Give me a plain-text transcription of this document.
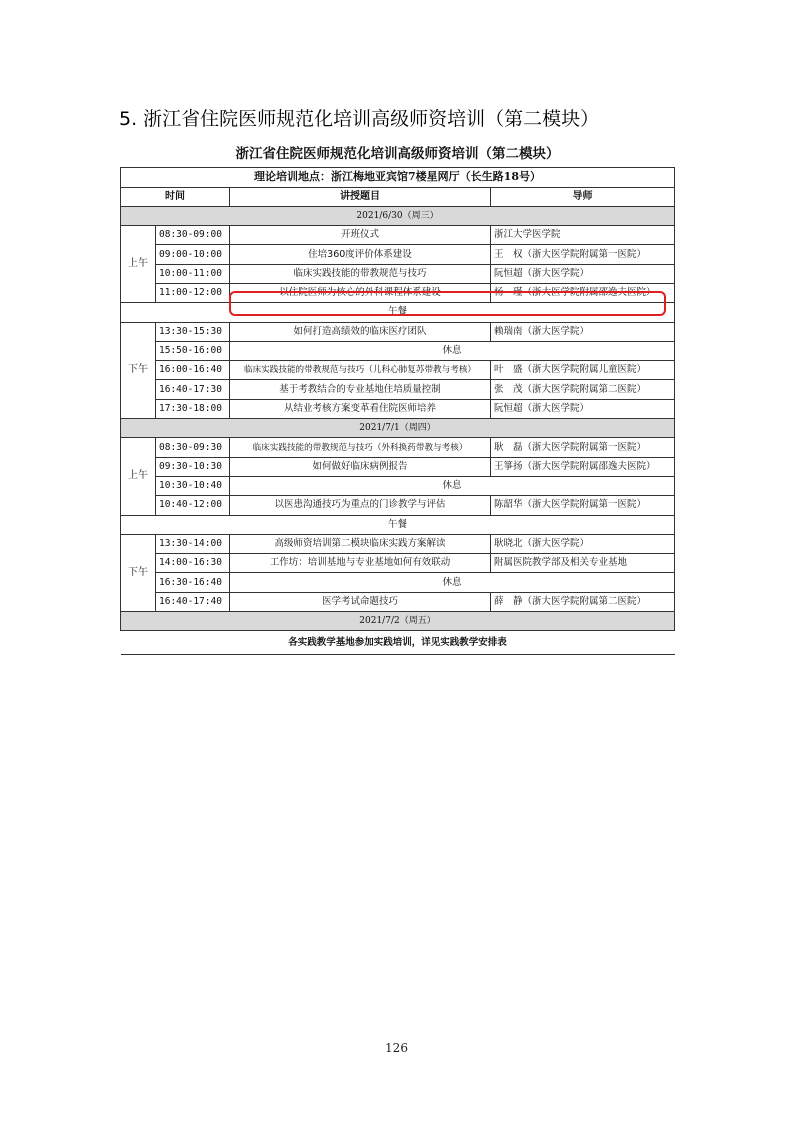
5. 浙江省住院医师规范化培训高级师资培训（第二模块）
浙江省住院医师规范化培训高级师资培训（第二模块）			
理论培训地点：浙江梅地亚宾馆7楼星网厅（长生路18号）			
时间		讲授题目	导师
2021/6/30（周三）			
上午	08:30-09:00	开班仪式	浙江大学医学院
	09:00-10:00	住培360度评价体系建设	王　权（浙大医学院附属第一医院）
	10:00-11:00	临床实践技能的带教规范与技巧	阮恒超（浙大医学院）
	11:00-12:00	以住院医师为核心的外科课程体系建设	杨　瑾（浙大医学院附属邵逸夫医院）
午餐			
下午	13:30-15:30	如何打造高绩效的临床医疗团队	赖瑞南（浙大医学院）
	15:50-16:00	休息	
	16:00-16:40	临床实践技能的带教规范与技巧（儿科心肺复苏带教与考核）	叶　盛（浙大医学院附属儿童医院）
	16:40-17:30	基于考教结合的专业基地住培质量控制	张　茂（浙大医学院附属第二医院）
	17:30-18:00	从结业考核方案变革看住院医师培养	阮恒超（浙大医学院）
2021/7/1（周四）			
上午	08:30-09:30	临床实践技能的带教规范与技巧（外科换药带教与考核）	耿　磊（浙大医学院附属第一医院）
	09:30-10:30	如何做好临床病例报告	王箏扬（浙大医学院附属邵逸夫医院）
	10:30-10:40	休息	
	10:40-12:00	以医患沟通技巧为重点的门诊教学与评估	陈韶华（浙大医学院附属第一医院）
午餐			
下午	13:30-14:00	高级师资培训第二模块临床实践方案解读	耿晓北（浙大医学院）
	14:00-16:30	工作坊：培训基地与专业基地如何有效联动	附属医院教学部及相关专业基地
	16:30-16:40	休息	
	16:40-17:40	医学考试命题技巧	薛　静（浙大医学院附属第二医院）
2021/7/2（周五）			
各实践教学基地参加实践培训，详见实践教学安排表			
126
